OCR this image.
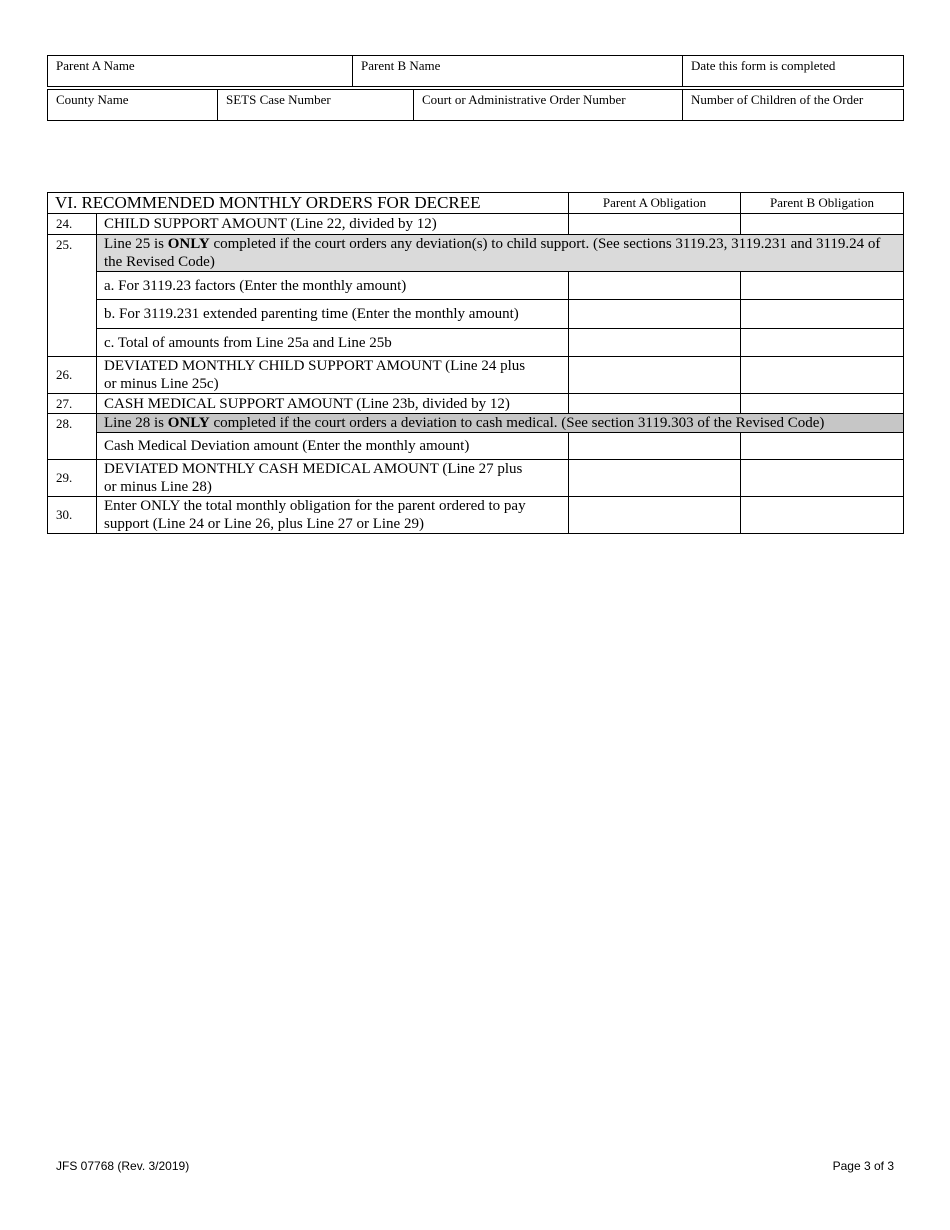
Parent A Name	Parent B Name	Date this form is completed
County Name	SETS Case Number	Court or Administrative Order Number	Number of Children of the Order
VI. RECOMMENDED MONTHLY ORDERS FOR DECREE		Parent A Obligation	Parent B Obligation
24.	CHILD SUPPORT AMOUNT (Line 22, divided by 12)		
25.	Line 25 is ONLY completed if the court orders any deviation(s) to child support. (See sections 3119.23, 3119.231 and 3119.24 of the Revised Code)		
	a. For 3119.23 factors (Enter the monthly amount)		
	b. For 3119.231 extended parenting time (Enter the monthly amount)		
	c. Total of amounts from Line 25a and Line 25b		
26.	DEVIATED MONTHLY CHILD SUPPORT AMOUNT (Line 24 plus
or minus Line 25c)		
27.	CASH MEDICAL SUPPORT AMOUNT (Line 23b, divided by 12)		
28.	Line 28 is ONLY completed if the court orders a deviation to cash medical. (See section 3119.303 of the Revised Code)		
	Cash Medical Deviation amount (Enter the monthly amount)		
29.	DEVIATED MONTHLY CASH MEDICAL AMOUNT (Line 27 plus
or minus Line 28)		
30.	Enter ONLY the total monthly obligation for the parent ordered to pay
support (Line 24 or Line 26, plus Line 27 or Line 29)		
JFS 07768 (Rev. 3/2019)	Page 3 of 3
